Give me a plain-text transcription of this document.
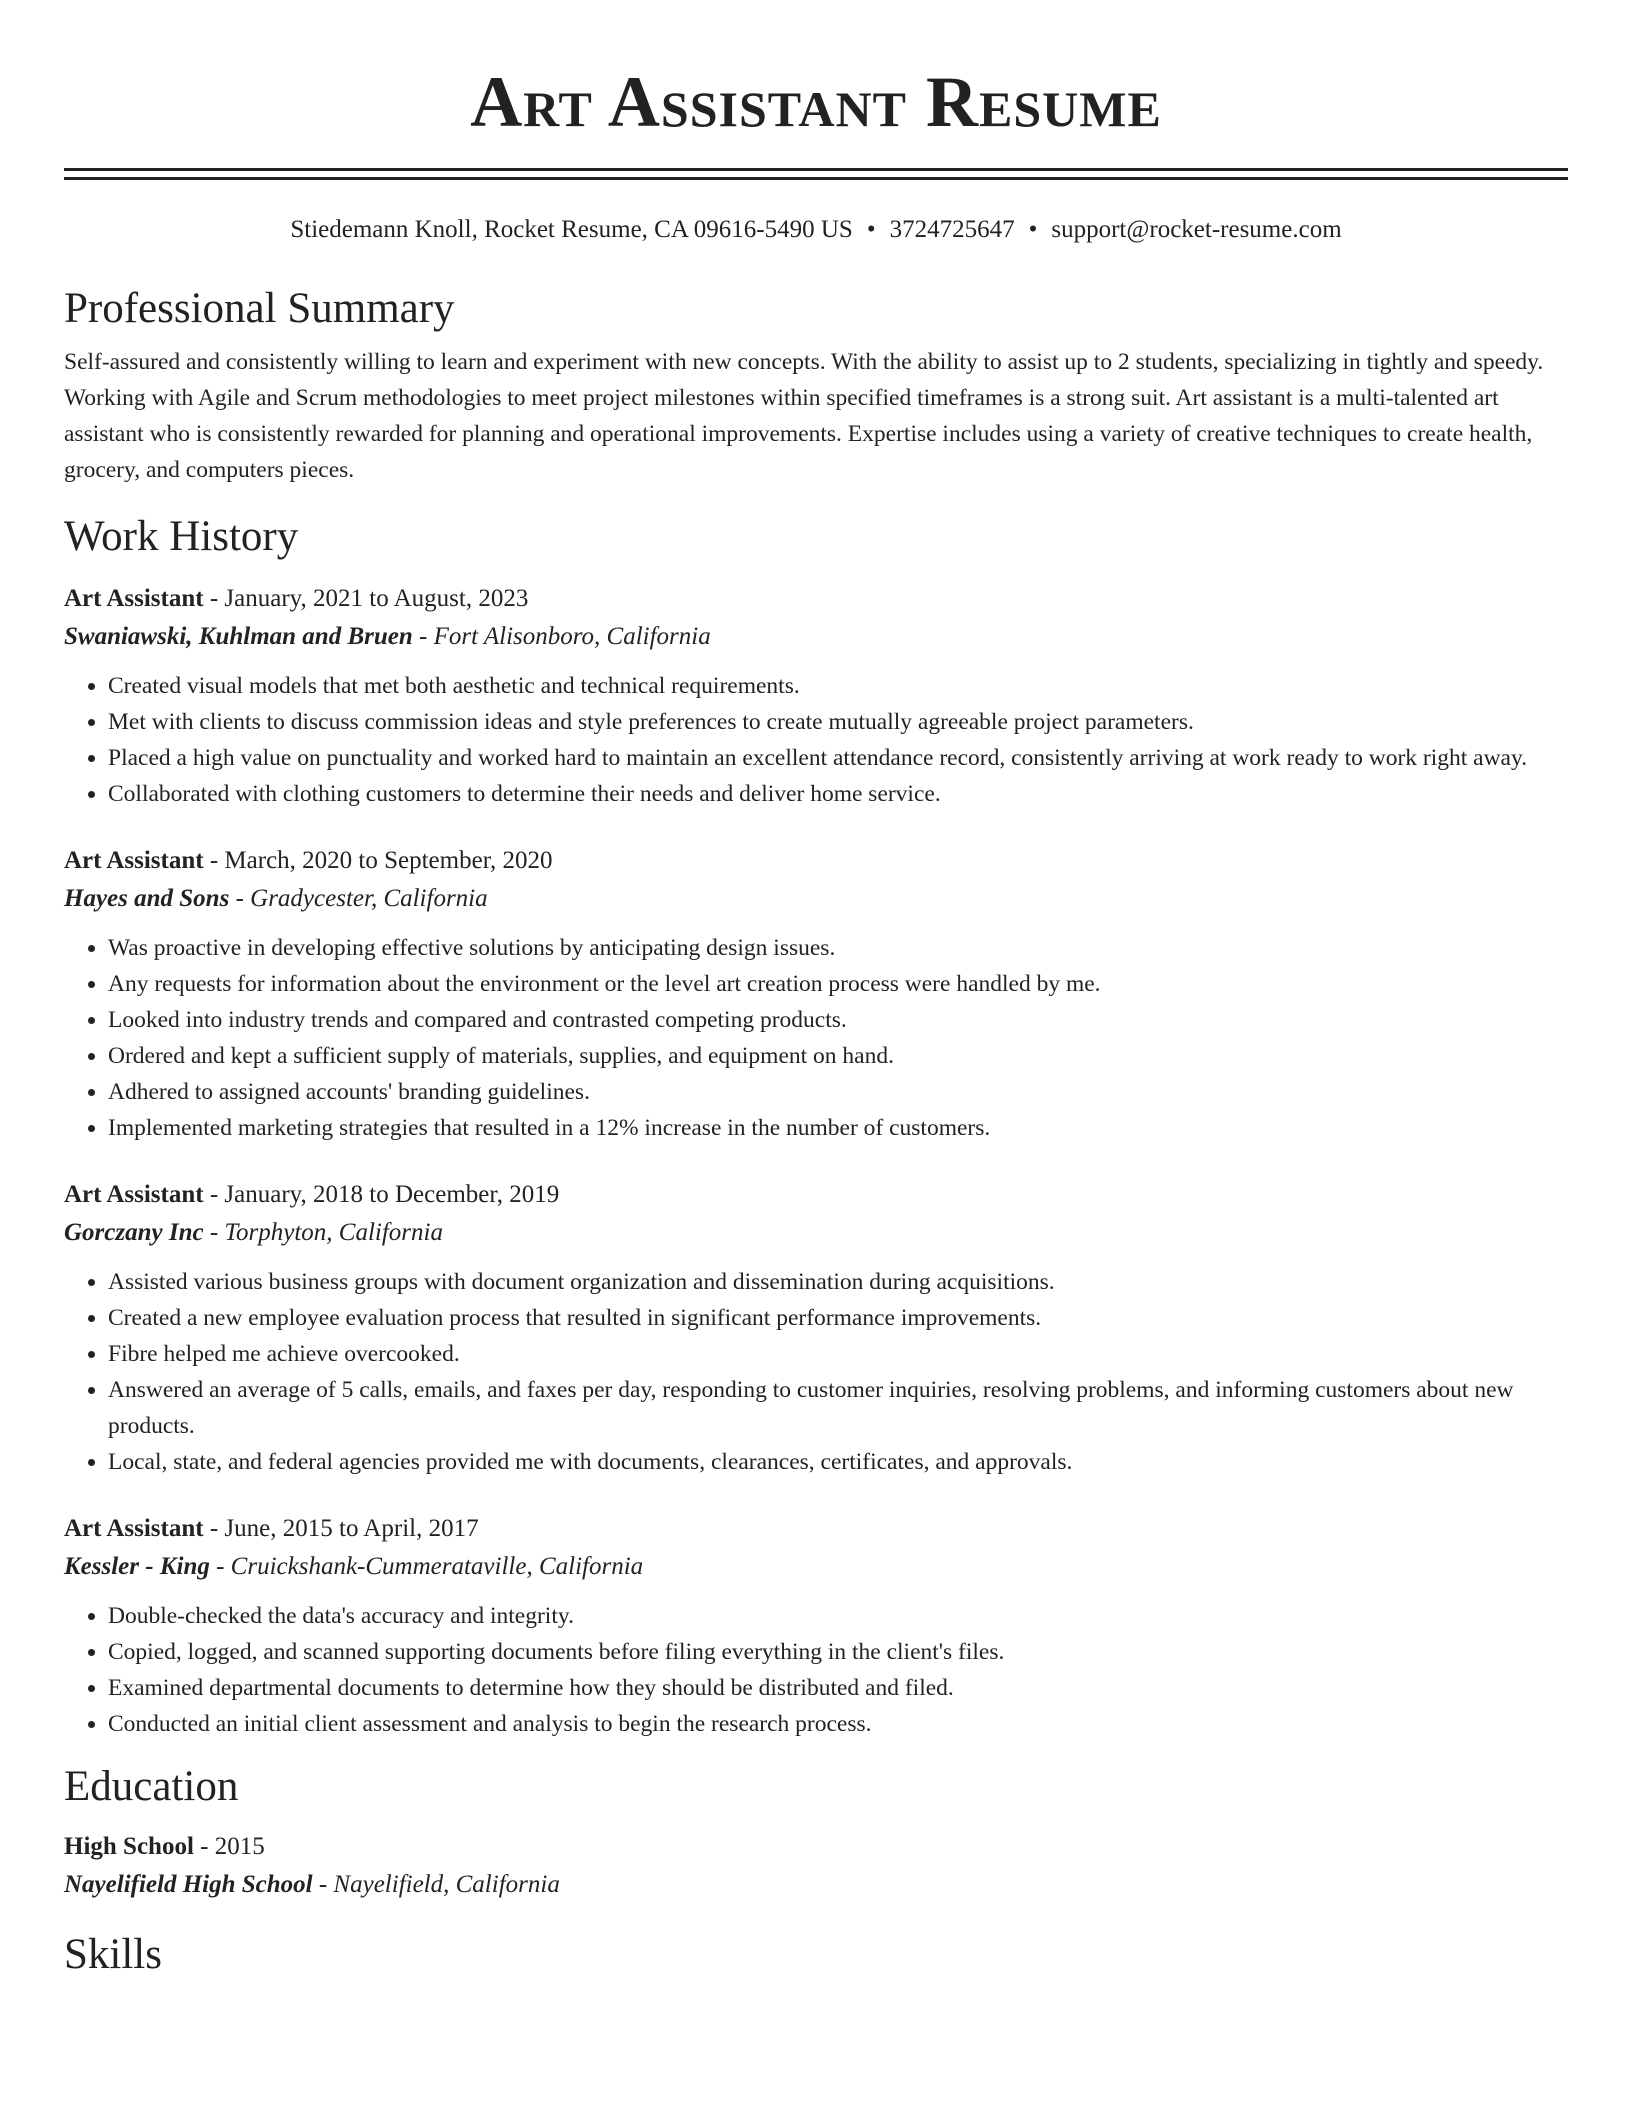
Art Assistant Resume
Stiedemann Knoll, Rocket Resume, CA 09616-5490 US • 3724725647 • support@rocket-resume.com
Professional Summary

Self-assured and consistently willing to learn and experiment with new concepts. With the ability to assist up to 2 students, specializing in tightly and speedy. Working with Agile and Scrum methodologies to meet project milestones within specified timeframes is a strong suit. Art assistant is a multi-talented art assistant who is consistently rewarded for planning and operational improvements. Expertise includes using a variety of creative techniques to create health, grocery, and computers pieces.

Work History
Art Assistant - January, 2021 to August, 2023
Swaniawski, Kuhlman and Bruen - Fort Alisonboro, California
• Created visual models that met both aesthetic and technical requirements.
• Met with clients to discuss commission ideas and style preferences to create mutually agreeable project parameters.
• Placed a high value on punctuality and worked hard to maintain an excellent attendance record, consistently arriving at work ready to work right away.
• Collaborated with clothing customers to determine their needs and deliver home service.
Art Assistant - March, 2020 to September, 2020
Hayes and Sons - Gradycester, California
• Was proactive in developing effective solutions by anticipating design issues.
• Any requests for information about the environment or the level art creation process were handled by me.
• Looked into industry trends and compared and contrasted competing products.
• Ordered and kept a sufficient supply of materials, supplies, and equipment on hand.
• Adhered to assigned accounts' branding guidelines.
• Implemented marketing strategies that resulted in a 12% increase in the number of customers.
Art Assistant - January, 2018 to December, 2019
Gorczany Inc - Torphyton, California
• Assisted various business groups with document organization and dissemination during acquisitions.
• Created a new employee evaluation process that resulted in significant performance improvements.
• Fibre helped me achieve overcooked.
• Answered an average of 5 calls, emails, and faxes per day, responding to customer inquiries, resolving problems, and informing customers about new products.
• Local, state, and federal agencies provided me with documents, clearances, certificates, and approvals.
Art Assistant - June, 2015 to April, 2017
Kessler - King - Cruickshank-Cummerataville, California
• Double-checked the data's accuracy and integrity.
• Copied, logged, and scanned supporting documents before filing everything in the client's files.
• Examined departmental documents to determine how they should be distributed and filed.
• Conducted an initial client assessment and analysis to begin the research process.
Education
High School - 2015
Nayelifield High School - Nayelifield, California
Skills
